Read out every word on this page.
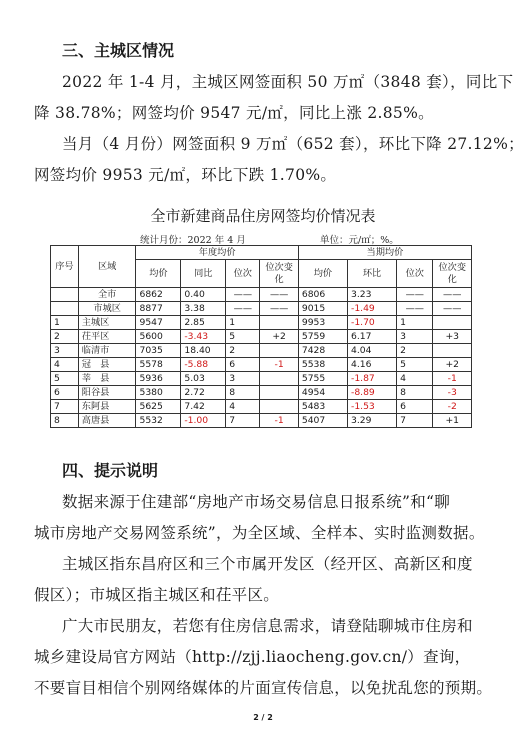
三、主城区情况
2022 年 1-4 月，主城区网签面积 50 万㎡（3848 套），同比下
降 38.78%；网签均价 9547 元/㎡，同比上涨 2.85%。
当月（4 月份）网签面积 9 万㎡（652 套），环比下降 27.12%；
网签均价 9953 元/㎡，环比下跌 1.70%。
全市新建商品住房网签均价情况表
统计月份：2022 年 4 月	单位：元/㎡；%。
序号	区域	年度均价				当期均价			
		均价	同比	位次	位次变化	均价	环比	位次	位次变化
	全市	6862	0.40	——	——	6806	3.23	——	——
	市城区	8877	3.38	——	——	9015	-1.49	——	——
1	主城区	9547	2.85	1		9953	-1.70	1	
2	茌平区	5600	-3.43	5	+2	5759	6.17	3	+3
3	临清市	7035	18.40	2		7428	4.04	2	
4	冠　县	5578	-5.88	6	-1	5538	4.16	5	+2
5	莘　县	5936	5.03	3		5755	-1.87	4	-1
6	阳谷县	5380	2.72	8		4954	-8.89	8	-3
7	东阿县	5625	7.42	4		5483	-1.53	6	-2
8	高唐县	5532	-1.00	7	-1	5407	3.29	7	+1
四、提示说明
数据来源于住建部“房地产市场交易信息日报系统”和“聊
城市房地产交易网签系统”，为全区域、全样本、实时监测数据。
主城区指东昌府区和三个市属开发区（经开区、高新区和度
假区）；市城区指主城区和茌平区。
广大市民朋友，若您有住房信息需求，请登陆聊城市住房和
城乡建设局官方网站（http://zjj.liaocheng.gov.cn/）查询，
不要盲目相信个别网络媒体的片面宣传信息，以免扰乱您的预期。
2 / 2
